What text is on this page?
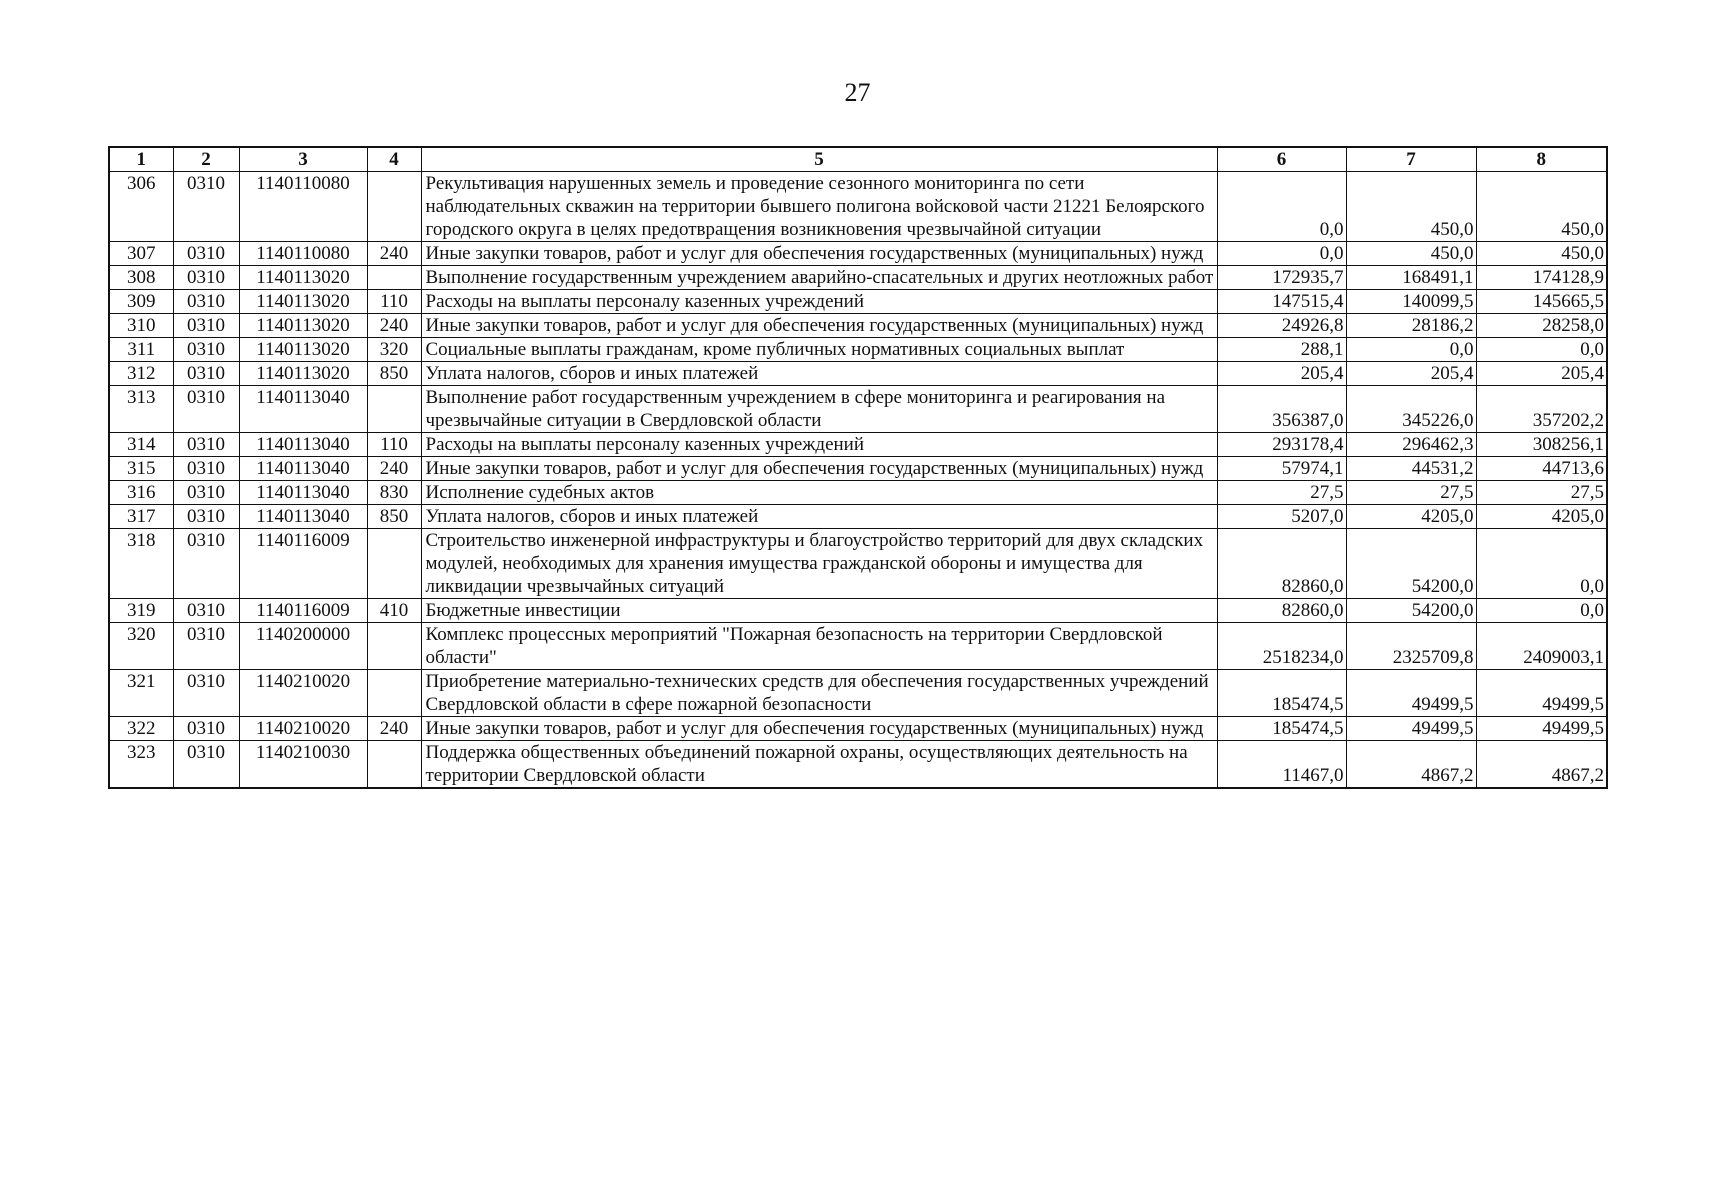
27
1	2	3	4	5	6	7	8
306	0310	1140110080		Рекультивация нарушенных земель и проведение сезонного мониторинга по сети наблюдательных скважин на территории бывшего полигона войсковой части 21221 Белоярского городского округа в целях предотвращения возникновения чрезвычайной ситуации	0,0	450,0	450,0
307	0310	1140110080	240	Иные закупки товаров, работ и услуг для обеспечения государственных (муниципальных) нужд	0,0	450,0	450,0
308	0310	1140113020		Выполнение государственным учреждением аварийно-спасательных и других неотложных работ	172935,7	168491,1	174128,9
309	0310	1140113020	110	Расходы на выплаты персоналу казенных учреждений	147515,4	140099,5	145665,5
310	0310	1140113020	240	Иные закупки товаров, работ и услуг для обеспечения государственных (муниципальных) нужд	24926,8	28186,2	28258,0
311	0310	1140113020	320	Социальные выплаты гражданам, кроме публичных нормативных социальных выплат	288,1	0,0	0,0
312	0310	1140113020	850	Уплата налогов, сборов и иных платежей	205,4	205,4	205,4
313	0310	1140113040		Выполнение работ государственным учреждением в сфере мониторинга и реагирования на чрезвычайные ситуации в Свердловской области	356387,0	345226,0	357202,2
314	0310	1140113040	110	Расходы на выплаты персоналу казенных учреждений	293178,4	296462,3	308256,1
315	0310	1140113040	240	Иные закупки товаров, работ и услуг для обеспечения государственных (муниципальных) нужд	57974,1	44531,2	44713,6
316	0310	1140113040	830	Исполнение судебных актов	27,5	27,5	27,5
317	0310	1140113040	850	Уплата налогов, сборов и иных платежей	5207,0	4205,0	4205,0
318	0310	1140116009		Строительство инженерной инфраструктуры и благоустройство территорий для двух складских модулей, необходимых для хранения имущества гражданской обороны и имущества для ликвидации чрезвычайных ситуаций	82860,0	54200,0	0,0
319	0310	1140116009	410	Бюджетные инвестиции	82860,0	54200,0	0,0
320	0310	1140200000		Комплекс процессных мероприятий "Пожарная безопасность на территории Свердловской области"	2518234,0	2325709,8	2409003,1
321	0310	1140210020		Приобретение материально-технических средств для обеспечения государственных учреждений Свердловской области в сфере пожарной безопасности	185474,5	49499,5	49499,5
322	0310	1140210020	240	Иные закупки товаров, работ и услуг для обеспечения государственных (муниципальных) нужд	185474,5	49499,5	49499,5
323	0310	1140210030		Поддержка общественных объединений пожарной охраны, осуществляющих деятельность на территории Свердловской области	11467,0	4867,2	4867,2
